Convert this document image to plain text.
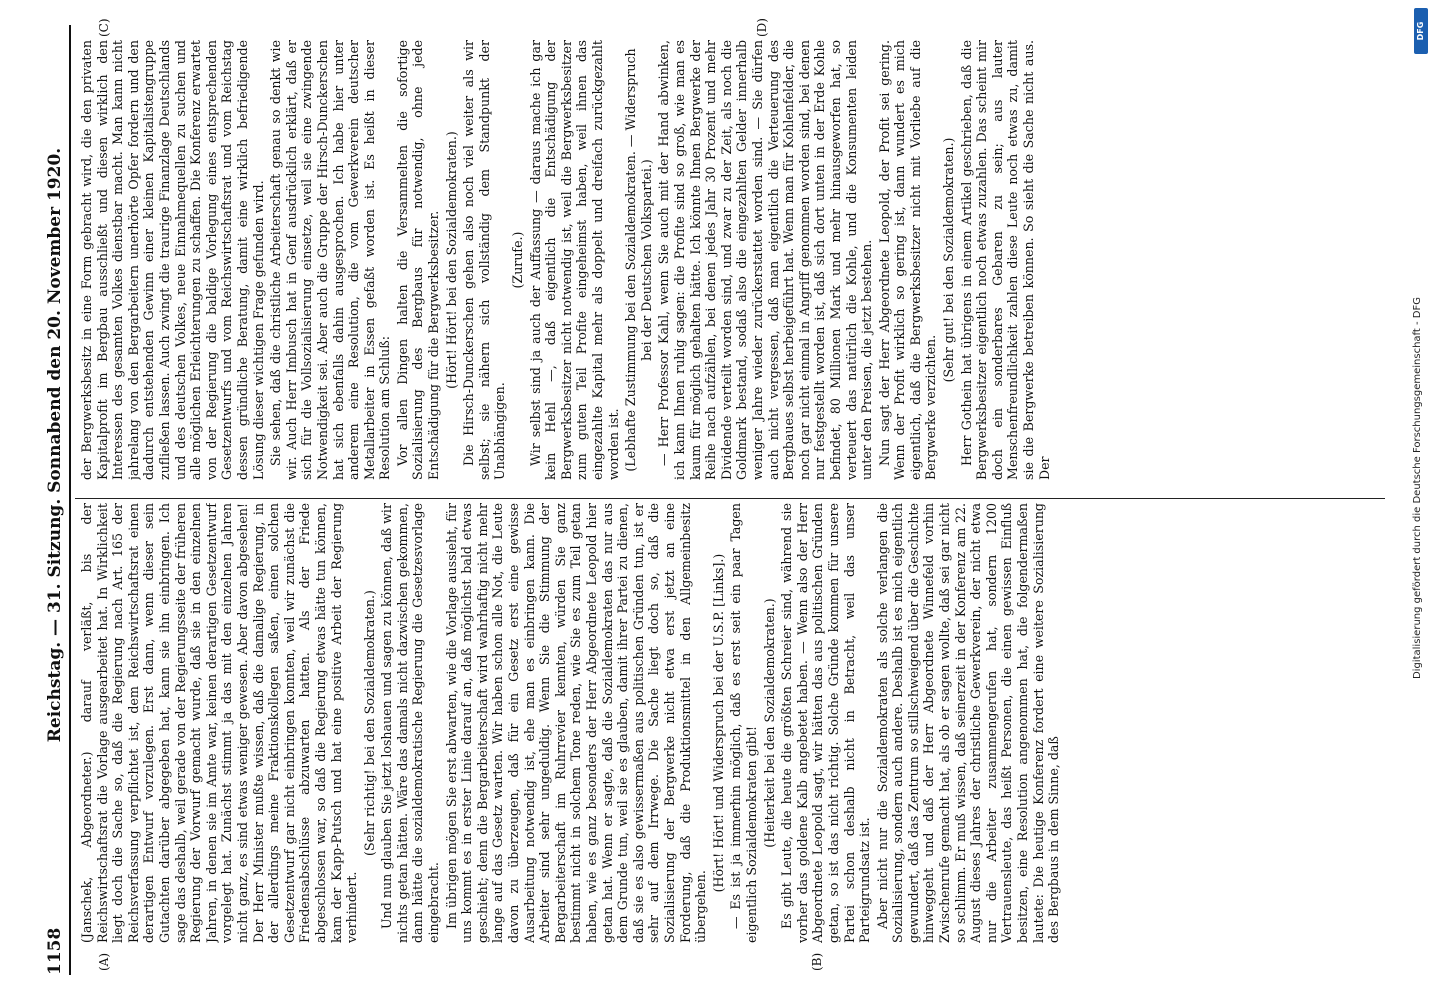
1158
Reichstag. — 31. Sitzung. Sonnabend den 20. November 1920.
(A)	(B)
(C)	(D)

(Janschek, Abgeordneter.) darauf verläßt, bis der Reichswirtschaftsrat die Vorlage ausgearbeitet hat. In Wirklichkeit liegt doch die Sache so, daß die Regierung nach Art. 165 der Reichsverfassung verpflichtet ist, dem Reichswirtschaftsrat einen derartigen Entwurf vorzulegen. Erst dann, wenn dieser sein Gutachten darüber abgegeben hat, kann sie ihn einbringen. Ich sage das deshalb, weil gerade von der Regierungsseite der früheren Regierung der Vorwurf gemacht wurde, daß sie in den einzelnen Jahren, in denen sie im Amte war, keinen derartigen Gesetzentwurf vorgelegt hat. Zunächst stimmt ja das mit den einzelnen Jahren nicht ganz, es sind etwas weniger gewesen. Aber davon abgesehen! Der Herr Minister mußte wissen, daß die damalige Regierung, in der allerdings meine Fraktionskollegen saßen, einen solchen Gesetzentwurf gar nicht einbringen konnten, weil wir zunächst die Friedensabschlüsse abzuwarten hatten. Als der Friede abgeschlossen war, so daß die Regierung etwas hätte tun können, kam der Kapp-Putsch und hat eine positive Arbeit der Regierung verhindert.

(Sehr richtig! bei den Sozialdemokraten.) Und nun glauben Sie jetzt loshauen und sagen zu können, daß wir nichts getan hätten. Wäre das damals nicht dazwischen gekommen, dann hätte die sozialdemokratische Regierung die Gesetzesvorlage eingebracht. Im übrigen mögen Sie erst abwarten, wie die Vorlage aussieht, für uns kommt es in erster Linie darauf an, daß möglichst bald etwas geschieht; denn die Bergarbeiterschaft wird wahrhaftig nicht mehr lange auf das Gesetz warten. Wir haben schon alle Not, die Leute davon zu überzeugen, daß für ein Gesetz erst eine gewisse Ausarbeitung notwendig ist, ehe man es einbringen kann. Die Arbeiter sind sehr ungeduldig. Wenn Sie die Stimmung der Bergarbeiterschaft im Ruhrrevier kennten, würden Sie ganz bestimmt nicht in solchem Tone reden, wie Sie es zum Teil getan haben, wie es ganz besonders der Herr Abgeordnete Leopold hier getan hat. Wenn er sagte, daß die Sozialdemokraten das nur aus dem Grunde tun, weil sie es glauben, damit ihrer Partei zu dienen, daß sie es also gewissermaßen aus politischen Gründen tun, ist er sehr auf dem Irrwege. Die Sache liegt doch so, daß die Sozialisierung der Bergwerke nicht etwa erst jetzt an eine Forderung, daß die Produktionsmittel in den Allgemeinbesitz übergehen.

(Hört! Hört! und Widerspruch bei der U.S.P. [Links].) — Es ist ja immerhin möglich, daß es erst seit ein paar Tagen eigentlich Sozialdemokraten gibt! (Heiterkeit bei den Sozialdemokraten.) Es gibt Leute, die heute die größten Schreier sind, während sie vorher das goldene Kalb angebetet haben. — Wenn also der Herr Abgeordnete Leopold sagt, wir hätten das aus politischen Gründen getan, so ist das nicht richtig. Solche Gründe kommen für unsere Partei schon deshalb nicht in Betracht, weil das unser Parteigrundsatz ist. Aber nicht nur die Sozialdemokraten als solche verlangen die Sozialisierung, sondern auch andere. Deshalb ist es mich eigentlich gewundert, daß das Zentrum so stillschweigend über die Geschichte hinweggeht und daß der Herr Abgeordnete Winnefeld vorhin Zwischenrufe gemacht hat, als ob er sagen wollte, daß sei gar nicht so schlimm. Er muß wissen, daß seinerzeit in der Konferenz am 22. August dieses Jahres der christliche Gewerkverein, der nicht etwa nur die Arbeiter zusammengerufen hat, sondern 1200 Vertrauensleute, das heißt Personen, die einen gewissen Einfluß besitzen, eine Resolution angenommen hat, die folgendermaßen lautete: Die heutige Konferenz fordert eine weitere Sozialisierung des Bergbaus in dem Sinne, daß

der Bergwerksbesitz in eine Form gebracht wird, die den privaten Kapitalprofit im Bergbau ausschließt und diesen wirklich den Interessen des gesamten Volkes dienstbar macht. Man kann nicht jahrelang von den Bergarbeitern unerhörte Opfer fordern und den dadurch entstehenden Gewinn einer kleinen Kapitalistengruppe zufließen lassen. Auch zwingt die traurige Finanzlage Deutschlands und des deutschen Volkes, neue Einnahmequellen zu suchen und alle möglichen Erleichterungen zu schaffen. Die Konferenz erwartet von der Regierung die baldige Vorlegung eines entsprechenden Gesetzentwurfs und vom Reichswirtschaftsrat und vom Reichstag dessen gründliche Beratung, damit eine wirklich befriedigende Lösung dieser wichtigen Frage gefunden wird. Sie sehen, daß die christliche Arbeiterschaft genau so denkt wie wir. Auch Herr Imbusch hat in Genf ausdrücklich erklärt, daß er sich für die Vollsozialisierung einsetze, weil sie eine zwingende Notwendigkeit sei. Aber auch die Gruppe der Hirsch-Dunckerschen hat sich ebenfalls dahin ausgesprochen. Ich habe hier unter anderem eine Resolution, die vom Gewerkverein deutscher Metallarbeiter in Essen gefaßt worden ist. Es heißt in dieser Resolution am Schluß: Vor allen Dingen halten die Versammelten die sofortige Sozialisierung des Bergbaus für notwendig, ohne jede Entschädigung für die Bergwerksbesitzer. (Hört! Hört! bei den Sozialdemokraten.) Die Hirsch-Dunckerschen gehen also noch viel weiter als wir selbst; sie nähern sich vollständig dem Standpunkt der Unabhängigen.

(Zurufe.) Wir selbst sind ja auch der Auffassung — daraus mache ich gar kein Hehl —, daß eigentlich die Entschädigung der Bergwerksbesitzer nicht notwendig ist, weil die Bergwerksbesitzer zum guten Teil Profite eingeheimst haben, weil ihnen das eingezahlte Kapital mehr als doppelt und dreifach zurückgezahlt worden ist. (Lebhafte Zustimmung bei den Sozialdemokraten. — Widerspruch bei der Deutschen Volkspartei.) — Herr Professor Kahl, wenn Sie auch mit der Hand abwinken, ich kann Ihnen ruhig sagen: die Profite sind so groß, wie man es kaum für möglich gehalten hätte. Ich könnte Ihnen Bergwerke der Reihe nach aufzählen, bei denen jedes Jahr 30 Prozent und mehr Dividende verteilt worden sind, und zwar zu der Zeit, als noch die Goldmark bestand, sodaß also die eingezahlten Gelder innerhalb weniger Jahre wieder zurückerstattet worden sind. — Sie dürfen auch nicht vergessen, daß man eigentlich die Verteuerung des Bergbaues selbst herbeigeführt hat. Wenn man für Kohlenfelder, die noch gar nicht einmal in Angriff genommen worden sind, bei denen nur festgestellt worden ist, daß sich dort unten in der Erde Kohle befindet, 80 Millionen Mark und mehr hinausgeworfen hat, so verteuert das natürlich die Kohle, und die Konsumenten leiden unter den Preisen, die jetzt bestehen. Nun sagt der Herr Abgeordnete Leopold, der Profit sei gering. Wenn der Profit wirklich so gering ist, dann wundert es mich eigentlich, daß die Bergwerksbesitzer nicht mit Vorliebe auf die Bergwerke verzichten.

(Sehr gut! bei den Sozialdemokraten.) Herr Gothein hat übrigens in einem Artikel geschrieben, daß die Bergwerksbesitzer eigentlich noch etwas zuzahlen. Das scheint mir doch ein sonderbares Gebaren zu sein; aus lauter Menschenfreundlichkeit zahlen diese Leute noch etwas zu, damit sie die Bergwerke betreiben können. So sieht die Sache nicht aus. Der	Digitalisierung gefördert durch die Deutsche Forschungsgemeinschaft - DFG
DFG
